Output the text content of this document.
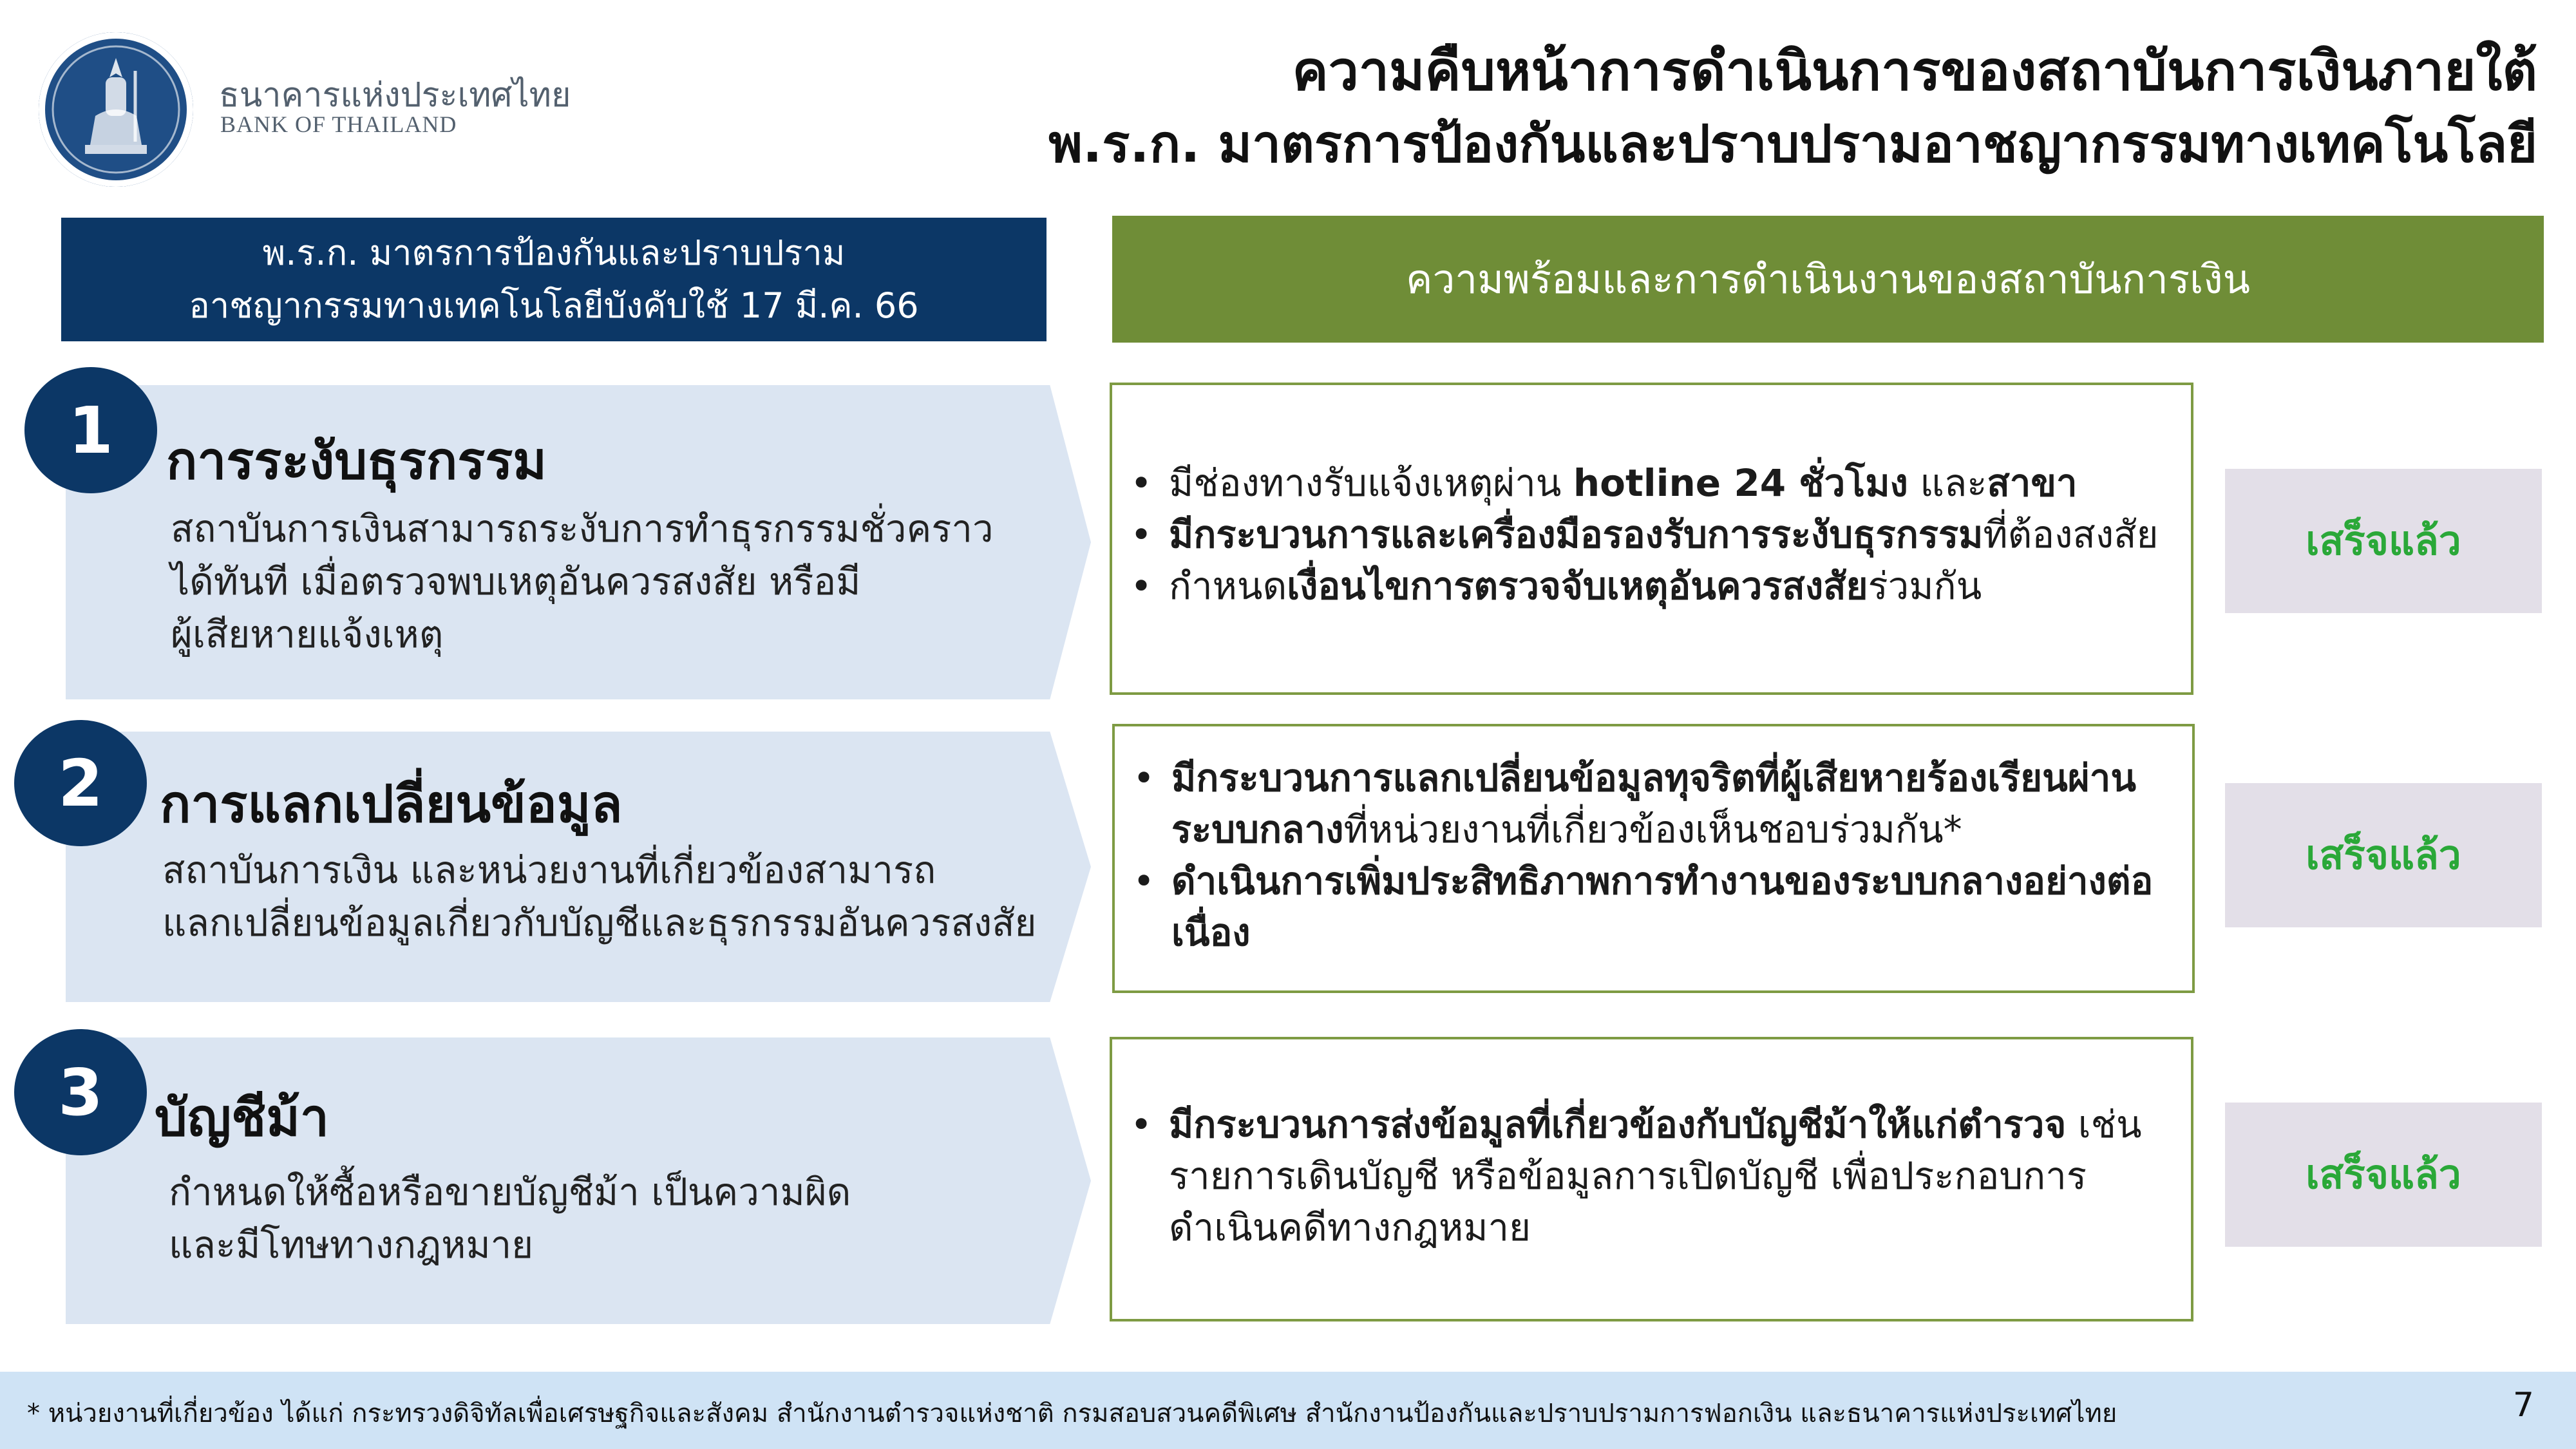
ธนาคารแห่งประเทศไทย
BANK OF THAILAND
ความคืบหน้าการดำเนินการของสถาบันการเงินภายใต้
พ.ร.ก. มาตรการป้องกันและปราบปรามอาชญากรรมทางเทคโนโลยี
พ.ร.ก. มาตรการป้องกันและปราบปราม
อาชญากรรมทางเทคโนโลยีบังคับใช้ 17 มี.ค. 66
ความพร้อมและการดำเนินงานของสถาบันการเงิน
1	การระงับธุรกรรม
สถาบันการเงินสามารถระงับการทำธุรกรรมชั่วคราว
ได้ทันที เมื่อตรวจพบเหตุอันควรสงสัย หรือมี
ผู้เสียหายแจ้งเหตุ
• มีช่องทางรับแจ้งเหตุผ่าน hotline 24 ชั่วโมง และสาขา
• มีกระบวนการและเครื่องมือรองรับการระงับธุรกรรมที่ต้องสงสัย
• กำหนดเงื่อนไขการตรวจจับเหตุอันควรสงสัยร่วมกัน
เสร็จแล้ว
2	การแลกเปลี่ยนข้อมูล
สถาบันการเงิน และหน่วยงานที่เกี่ยวข้องสามารถ
แลกเปลี่ยนข้อมูลเกี่ยวกับบัญชีและธุรกรรมอันควรสงสัย
• มีกระบวนการแลกเปลี่ยนข้อมูลทุจริตที่ผู้เสียหายร้องเรียนผ่านระบบกลางที่หน่วยงานที่เกี่ยวข้องเห็นชอบร่วมกัน*
• ดำเนินการเพิ่มประสิทธิภาพการทำงานของระบบกลางอย่างต่อเนื่อง
เสร็จแล้ว
3	บัญชีม้า
กำหนดให้ซื้อหรือขายบัญชีม้า เป็นความผิด
และมีโทษทางกฎหมาย
• มีกระบวนการส่งข้อมูลที่เกี่ยวข้องกับบัญชีม้าให้แก่ตำรวจ เช่น รายการเดินบัญชี หรือข้อมูลการเปิดบัญชี เพื่อประกอบการดำเนินคดีทางกฎหมาย
เสร็จแล้ว
* หน่วยงานที่เกี่ยวข้อง ได้แก่ กระทรวงดิจิทัลเพื่อเศรษฐกิจและสังคม สำนักงานตำรวจแห่งชาติ กรมสอบสวนคดีพิเศษ สำนักงานป้องกันและปราบปรามการฟอกเงิน และธนาคารแห่งประเทศไทย	7
